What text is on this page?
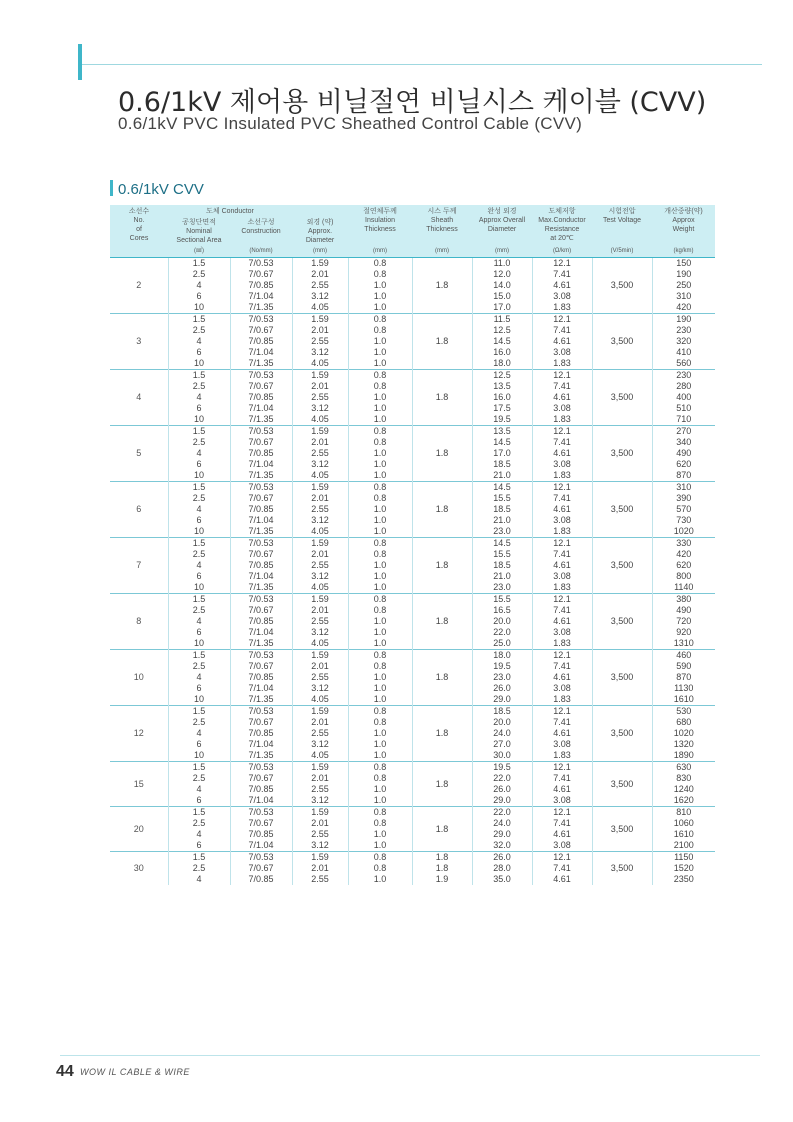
0.6/1kV 제어용 비닐절연 비닐시스 케이블 (CVV)
0.6/1kV PVC Insulated PVC Sheathed Control Cable (CVV)
0.6/1kV CVV
소선수
No.
of
Cores	도체 Conductor		외경 (약)
Approx.
Diameter	절연체두께
Insulation
Thickness	시스 두께
Sheath
Thickness	완성 외경
Approx Overall
Diameter	도체저항
Max.Conductor
Resistance
at 20℃	시험전압
Test Voltage	개산중량(약)
Approx
Weight
	공칭단면적
Nominal
Sectional Area	소선구성
Construction							
	(㎟)	(No/mm)	(mm)	(mm)	(mm)	(mm)	(Ω/km)	(V/5min)	(kg/km)
2	1.5	7/0.53	1.59	0.8	1.8	11.0	12.1	3,500	150
	2.5	7/0.67	2.01	0.8		12.0	7.41		190
	4	7/0.85	2.55	1.0		14.0	4.61		250
	6	7/1.04	3.12	1.0		15.0	3.08		310
	10	7/1.35	4.05	1.0		17.0	1.83		420
3	1.5	7/0.53	1.59	0.8	1.8	11.5	12.1	3,500	190
	2.5	7/0.67	2.01	0.8		12.5	7.41		230
	4	7/0.85	2.55	1.0		14.5	4.61		320
	6	7/1.04	3.12	1.0		16.0	3.08		410
	10	7/1.35	4.05	1.0		18.0	1.83		560
4	1.5	7/0.53	1.59	0.8	1.8	12.5	12.1	3,500	230
	2.5	7/0.67	2.01	0.8		13.5	7.41		280
	4	7/0.85	2.55	1.0		16.0	4.61		400
	6	7/1.04	3.12	1.0		17.5	3.08		510
	10	7/1.35	4.05	1.0		19.5	1.83		710
5	1.5	7/0.53	1.59	0.8	1.8	13.5	12.1	3,500	270
	2.5	7/0.67	2.01	0.8		14.5	7.41		340
	4	7/0.85	2.55	1.0		17.0	4.61		490
	6	7/1.04	3.12	1.0		18.5	3.08		620
	10	7/1.35	4.05	1.0		21.0	1.83		870
6	1.5	7/0.53	1.59	0.8	1.8	14.5	12.1	3,500	310
	2.5	7/0.67	2.01	0.8		15.5	7.41		390
	4	7/0.85	2.55	1.0		18.5	4.61		570
	6	7/1.04	3.12	1.0		21.0	3.08		730
	10	7/1.35	4.05	1.0		23.0	1.83		1020
7	1.5	7/0.53	1.59	0.8	1.8	14.5	12.1	3,500	330
	2.5	7/0.67	2.01	0.8		15.5	7.41		420
	4	7/0.85	2.55	1.0		18.5	4.61		620
	6	7/1.04	3.12	1.0		21.0	3.08		800
	10	7/1.35	4.05	1.0		23.0	1.83		1140
8	1.5	7/0.53	1.59	0.8	1.8	15.5	12.1	3,500	380
	2.5	7/0.67	2.01	0.8		16.5	7.41		490
	4	7/0.85	2.55	1.0		20.0	4.61		720
	6	7/1.04	3.12	1.0		22.0	3.08		920
	10	7/1.35	4.05	1.0		25.0	1.83		1310
10	1.5	7/0.53	1.59	0.8	1.8	18.0	12.1	3,500	460
	2.5	7/0.67	2.01	0.8		19.5	7.41		590
	4	7/0.85	2.55	1.0		23.0	4.61		870
	6	7/1.04	3.12	1.0		26.0	3.08		1130
	10	7/1.35	4.05	1.0		29.0	1.83		1610
12	1.5	7/0.53	1.59	0.8	1.8	18.5	12.1	3,500	530
	2.5	7/0.67	2.01	0.8		20.0	7.41		680
	4	7/0.85	2.55	1.0		24.0	4.61		1020
	6	7/1.04	3.12	1.0		27.0	3.08		1320
	10	7/1.35	4.05	1.0		30.0	1.83		1890
15	1.5	7/0.53	1.59	0.8	1.8	19.5	12.1	3,500	630
	2.5	7/0.67	2.01	0.8		22.0	7.41		830
	4	7/0.85	2.55	1.0		26.0	4.61		1240
	6	7/1.04	3.12	1.0		29.0	3.08		1620
20	1.5	7/0.53	1.59	0.8	1.8	22.0	12.1	3,500	810
	2.5	7/0.67	2.01	0.8		24.0	7.41		1060
	4	7/0.85	2.55	1.0		29.0	4.61		1610
	6	7/1.04	3.12	1.0		32.0	3.08		2100
30	1.5	7/0.53	1.59	0.8	1.8	26.0	12.1	3,500	1150
	2.5	7/0.67	2.01	0.8	1.8	28.0	7.41		1520
	4	7/0.85	2.55	1.0	1.9	35.0	4.61		2350
44 WOW IL CABLE & WIRE
